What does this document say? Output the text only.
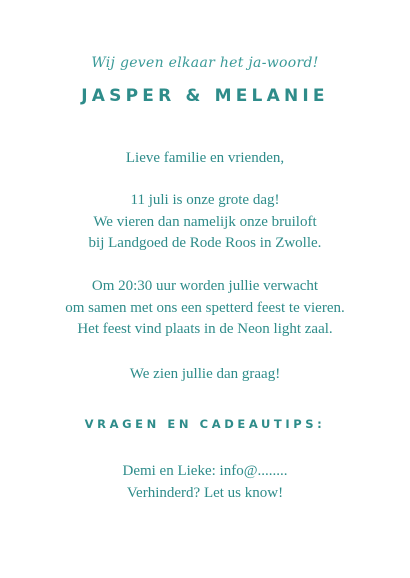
Wij geven elkaar het ja-woord!
JASPER & MELANIE
Lieve familie en vrienden,
11 juli is onze grote dag!
We vieren dan namelijk onze bruiloft
bij Landgoed de Rode Roos in Zwolle.
Om 20:30 uur worden jullie verwacht
om samen met ons een spetterd feest te vieren.
Het feest vind plaats in de Neon light zaal.
We zien jullie dan graag!
VRAGEN EN CADEAUTIPS:
Demi en Lieke: info@........
Verhinderd? Let us know!
